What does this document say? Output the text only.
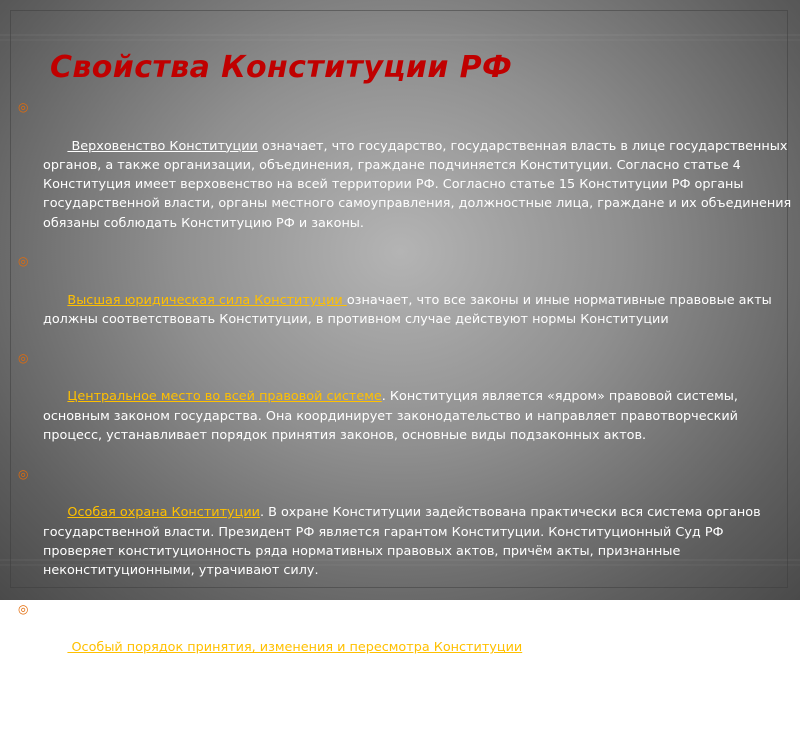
Свойства Конституции РФ

◎

Верховенство Конституции означает, что государство, государственная власть в лице государственных органов, а также организации, объединения, граждане подчиняется Конституции. Согласно статье 4 Конституция имеет верховенство на всей территории РФ. Согласно статье 15 Конституции РФ органы государственной власти, органы местного самоуправления, должностные лица, граждане и их объединения обязаны соблюдать Конституцию РФ и законы.

◎

Высшая юридическая сила Конституции означает, что все законы и иные нормативные правовые акты должны соответствовать Конституции, в противном случае действуют нормы Конституции

◎

Центральное место во всей правовой системе. Конституция является «ядром» правовой системы, основным законом государства. Она координирует законодательство и направляет правотворческий процесс, устанавливает порядок принятия законов, основные виды подзаконных актов.

◎

Особая охрана Конституции. В охране Конституции задействована практически вся система органов государственной власти. Президент РФ является гарантом Конституции. Конституционный Суд РФ проверяет конституционность ряда нормативных правовых актов, причём акты, признанные неконституционными, утрачивают силу.

◎

Особый порядок принятия, изменения и пересмотра Конституции. Особый, усложнённый порядок изменения и пересмотра Конституции (Глава 9 статьи 134 — 137), характеризует её как «жёсткую» (в отличие от «гибких» конституций, изменяемых в том же порядке, что и другие законы), обеспечивает её стабильность.
